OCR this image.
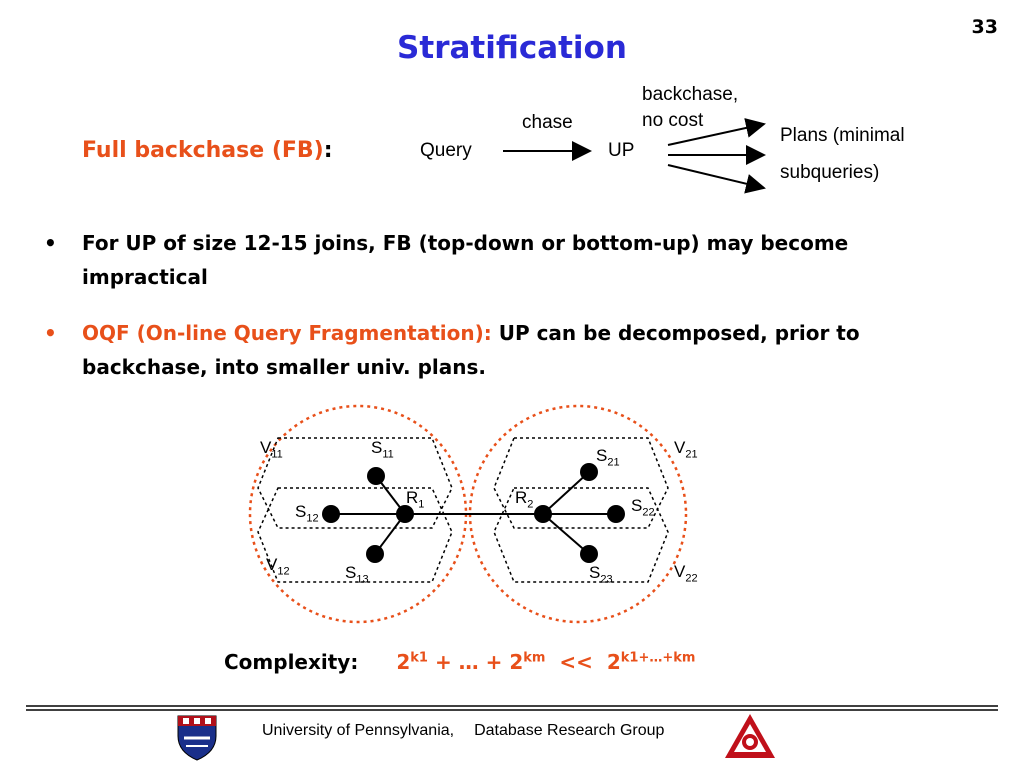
33
Stratification
Full backchase (FB):	Query
chase
UP
backchase,
no cost
Plans (minimal
subqueries)
• For UP of size 12-15 joins, FB (top-down or bottom-up) may become impractical
• OQF (On-line Query Fragmentation): UP can be decomposed, prior to backchase, into smaller univ. plans.
$V_{11}$
$V_{12}$
$V_{21}$
$V_{22}$
$S_{11}$
$S_{12}$
$S_{13}$
$S_{21}$
$S_{22}$
$S_{23}$
$R_1$	$R_2$
Complexity: $2^{k1}$ + … + $2^{km} << 2^{k1+\dots+km}$
University of Pennsylvania, Database Research Group
